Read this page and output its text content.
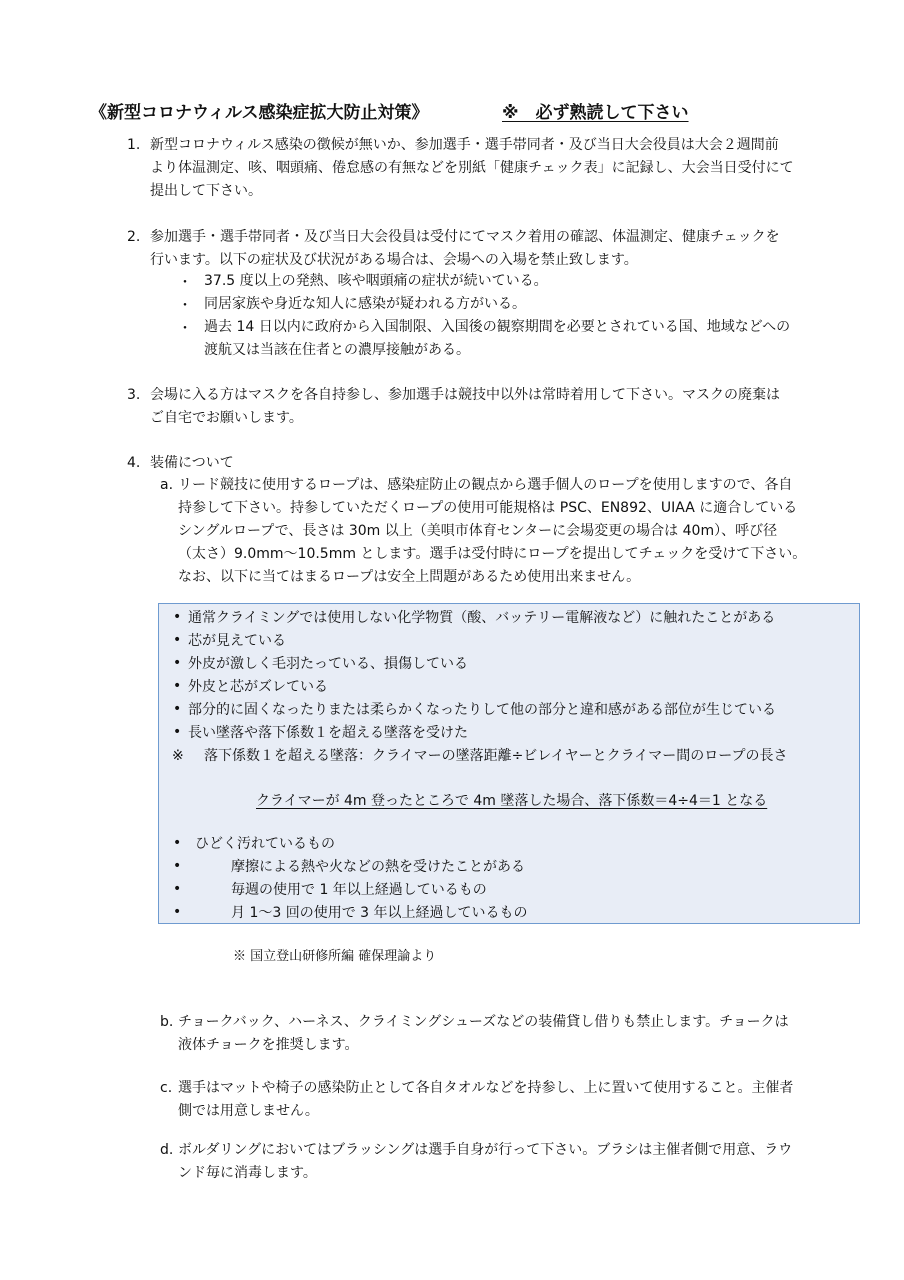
《新型コロナウィルス感染症拡大防止対策》	※　必ず熟読して下さい
1. 新型コロナウィルス感染の徴候が無いか、参加選手・選手帯同者・及び当日大会役員は大会２週間前
より体温測定、咳、咽頭痛、倦怠感の有無などを別紙「健康チェック表」に記録し、大会当日受付にて
提出して下さい。
2. 参加選手・選手帯同者・及び当日大会役員は受付にてマスク着用の確認、体温測定、健康チェックを
行います。以下の症状及び状況がある場合は、会場への入場を禁止致します。
・ 37.5 度以上の発熱、咳や咽頭痛の症状が続いている。
・ 同居家族や身近な知人に感染が疑われる方がいる。
・ 過去 14 日以内に政府から入国制限、入国後の観察期間を必要とされている国、地域などへの
渡航又は当該在住者との濃厚接触がある。
3. 会場に入る方はマスクを各自持参し、参加選手は競技中以外は常時着用して下さい。マスクの廃棄は
ご自宅でお願いします。
4. 装備について
a. リード競技に使用するロープは、感染症防止の観点から選手個人のロープを使用しますので、各自
持参して下さい。持参していただくロープの使用可能規格は PSC、EN892、UIAA に適合している
シングルロープで、長さは 30m 以上（美唄市体育センターに会場変更の場合は 40m）、呼び径
（太さ）9.0mm～10.5mm とします。選手は受付時にロープを提出してチェックを受けて下さい。
なお、以下に当てはまるロープは安全上問題があるため使用出来ません。
• 通常クライミングでは使用しない化学物質（酸、バッテリー電解液など）に触れたことがある
• 芯が見えている
• 外皮が激しく毛羽たっている、損傷している
• 外皮と芯がズレている
• 部分的に固くなったりまたは柔らかくなったりして他の部分と違和感がある部位が生じている
• 長い墜落や落下係数１を超える墜落を受けた
※ 落下係数１を超える墜落：クライマーの墜落距離÷ビレイヤーとクライマー間のロープの長さ
クライマーが 4m 登ったところで 4m 墜落した場合、落下係数＝4÷4＝1 となる
• ひどく汚れているもの
•	摩擦による熱や火などの熱を受けたことがある
•	毎週の使用で 1 年以上経過しているもの
•	月 1～3 回の使用で 3 年以上経過しているもの
※ 国立登山研修所編 確保理論より
b. チョークバック、ハーネス、クライミングシューズなどの装備貸し借りも禁止します。チョークは
液体チョークを推奨します。
c. 選手はマットや椅子の感染防止として各自タオルなどを持参し、上に置いて使用すること。主催者
側では用意しません。
d. ボルダリングにおいてはブラッシングは選手自身が行って下さい。ブラシは主催者側で用意、ラウ
ンド毎に消毒します。
